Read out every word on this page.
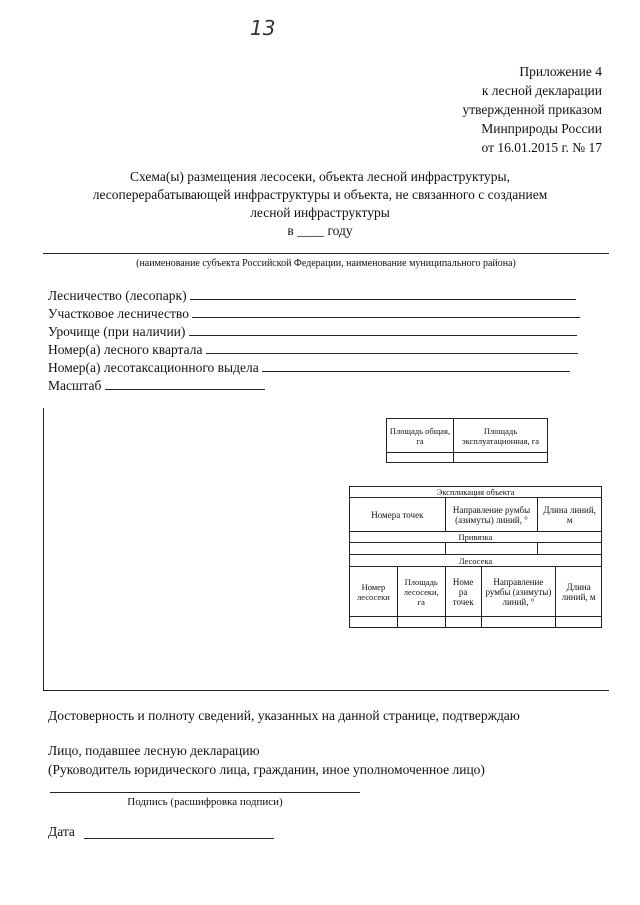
13
Приложение 4
к лесной декларации
утвержденной приказом
Минприроды России
от 16.01.2015 г. № 17
Схема(ы) размещения лесосеки, объекта лесной инфраструктуры,
лесоперерабатывающей инфраструктуры и объекта, не связанного с созданием
лесной инфраструктуры
в ____ году
(наименование субъекта Российской Федерации, наименование муниципального района)
Лесничество (лесопарк)
Участковое лесничество
Урочище (при наличии)
Номер(а) лесного квартала
Номер(а) лесотаксационного выдела
Масштаб
Площадь общая, га	Площадь эксплуатационная, га

Экспликация объекта					
Номера точек		Направление румбы (азимуты) линий, °		Длина линий, м	
Привязка					

Лесосека					
Номер лесосеки	Площадь лесосеки, га	Номе ра точек	Направление румбы (азимуты) линий, °		Длина линий, м

Достоверность и полноту сведений, указанных на данной странице, подтверждаю
Лицо, подавшее лесную декларацию
(Руководитель юридического лица, гражданин, иное уполномоченное лицо)
Подпись (расшифровка подписи)
Дата
